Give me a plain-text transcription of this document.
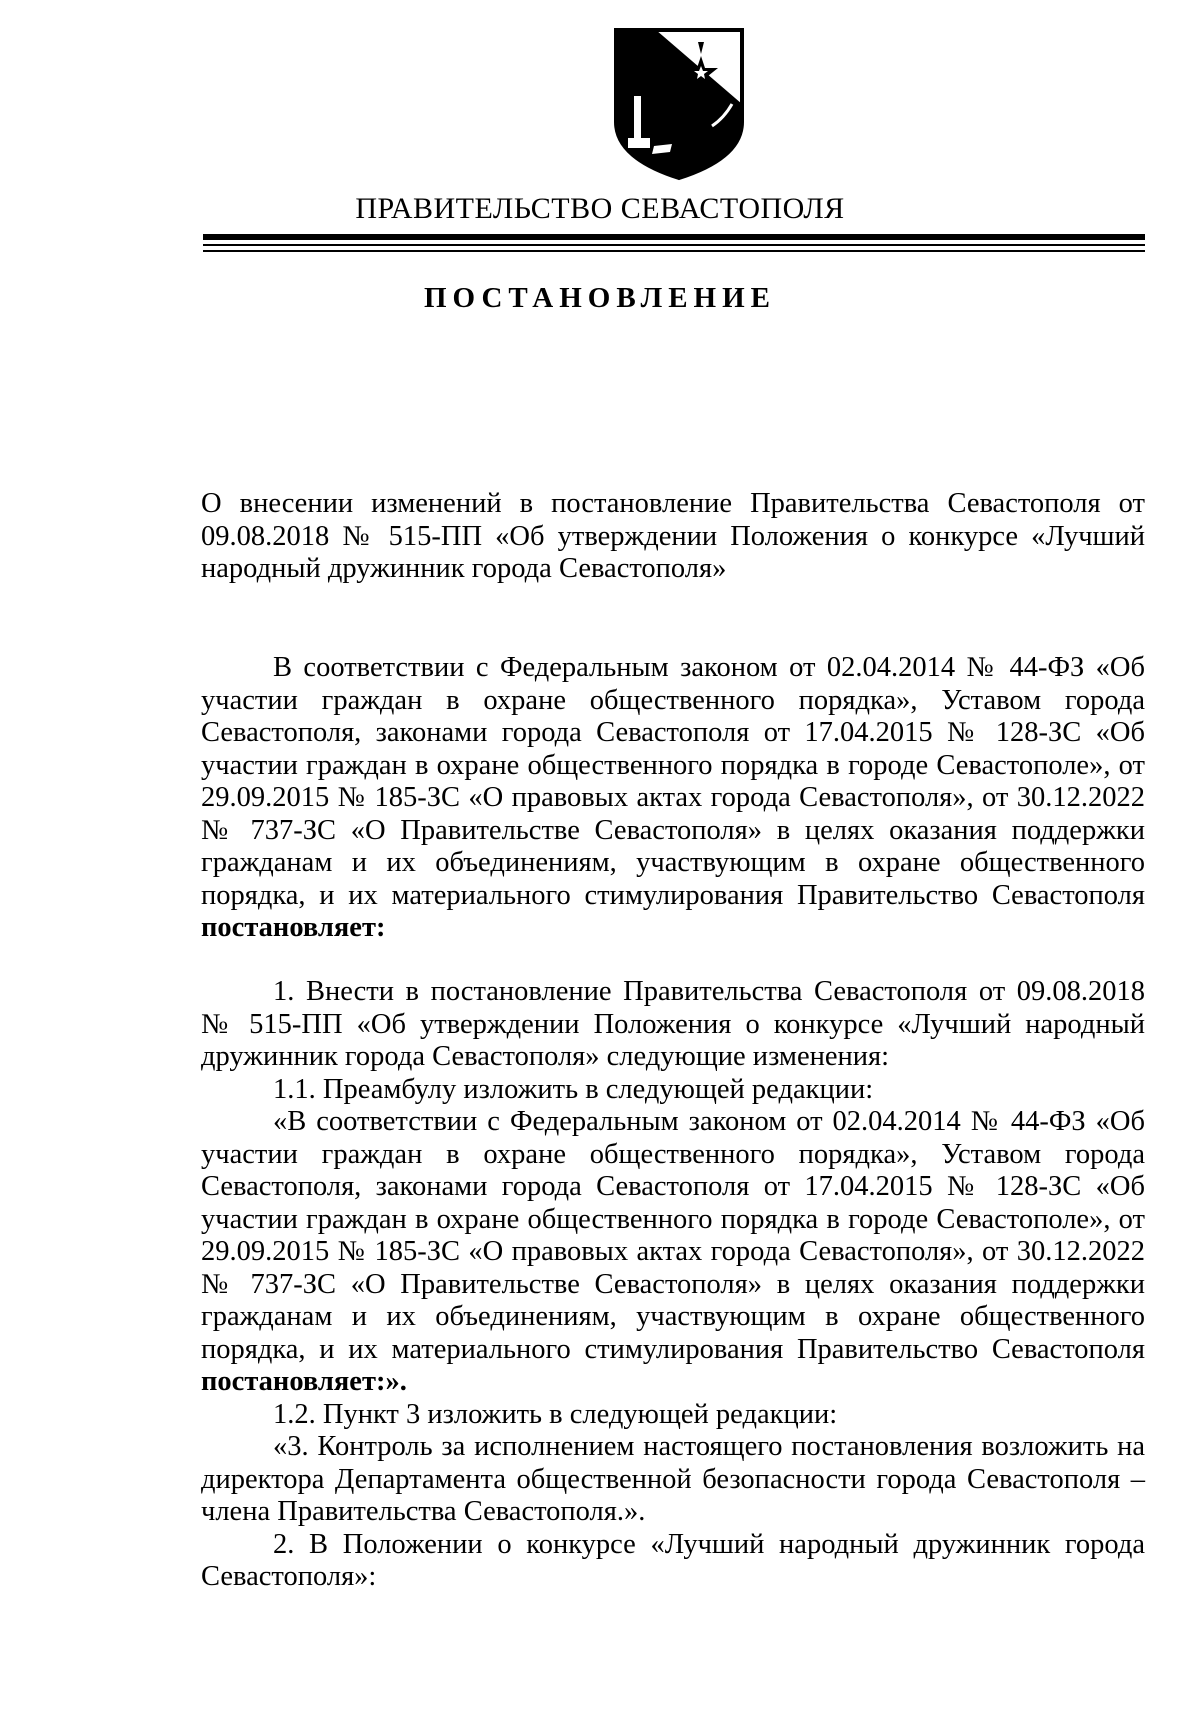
ПРАВИТЕЛЬСТВО СЕВАСТОПОЛЯ
ПОСТАНОВЛЕНИЕ
О внесении изменений в постановление Правительства Севастополя от 09.08.2018 № 515-ПП «Об утверждении Положения о конкурсе «Лучший народный дружинник города Севастополя»

В соответствии с Федеральным законом от 02.04.2014 № 44-ФЗ «Об участии граждан в охране общественного порядка», Уставом города Севастополя, законами города Севастополя от 17.04.2015 № 128-ЗС «Об участии граждан в охране общественного порядка в городе Севастополе», от 29.09.2015 № 185-ЗС «О правовых актах города Севастополя», от 30.12.2022 № 737-ЗС «О Правительстве Севастополя» в целях оказания поддержки гражданам и их объединениям, участвующим в охране общественного порядка, и их материального стимулирования Правительство Севастополя постановляет:

1. Внести в постановление Правительства Севастополя от 09.08.2018 № 515-ПП «Об утверждении Положения о конкурсе «Лучший народный дружинник города Севастополя» следующие изменения:

1.1. Преамбулу изложить в следующей редакции:

«В соответствии с Федеральным законом от 02.04.2014 № 44-ФЗ «Об участии граждан в охране общественного порядка», Уставом города Севастополя, законами города Севастополя от 17.04.2015 № 128-ЗС «Об участии граждан в охране общественного порядка в городе Севастополе», от 29.09.2015 № 185-ЗС «О правовых актах города Севастополя», от 30.12.2022 № 737-ЗС «О Правительстве Севастополя» в целях оказания поддержки гражданам и их объединениям, участвующим в охране общественного порядка, и их материального стимулирования Правительство Севастополя постановляет:».

1.2. Пункт 3 изложить в следующей редакции:

«3. Контроль за исполнением настоящего постановления возложить на директора Департамента общественной безопасности города Севастополя – члена Правительства Севастополя.».

2. В Положении о конкурсе «Лучший народный дружинник города Севастополя»:
